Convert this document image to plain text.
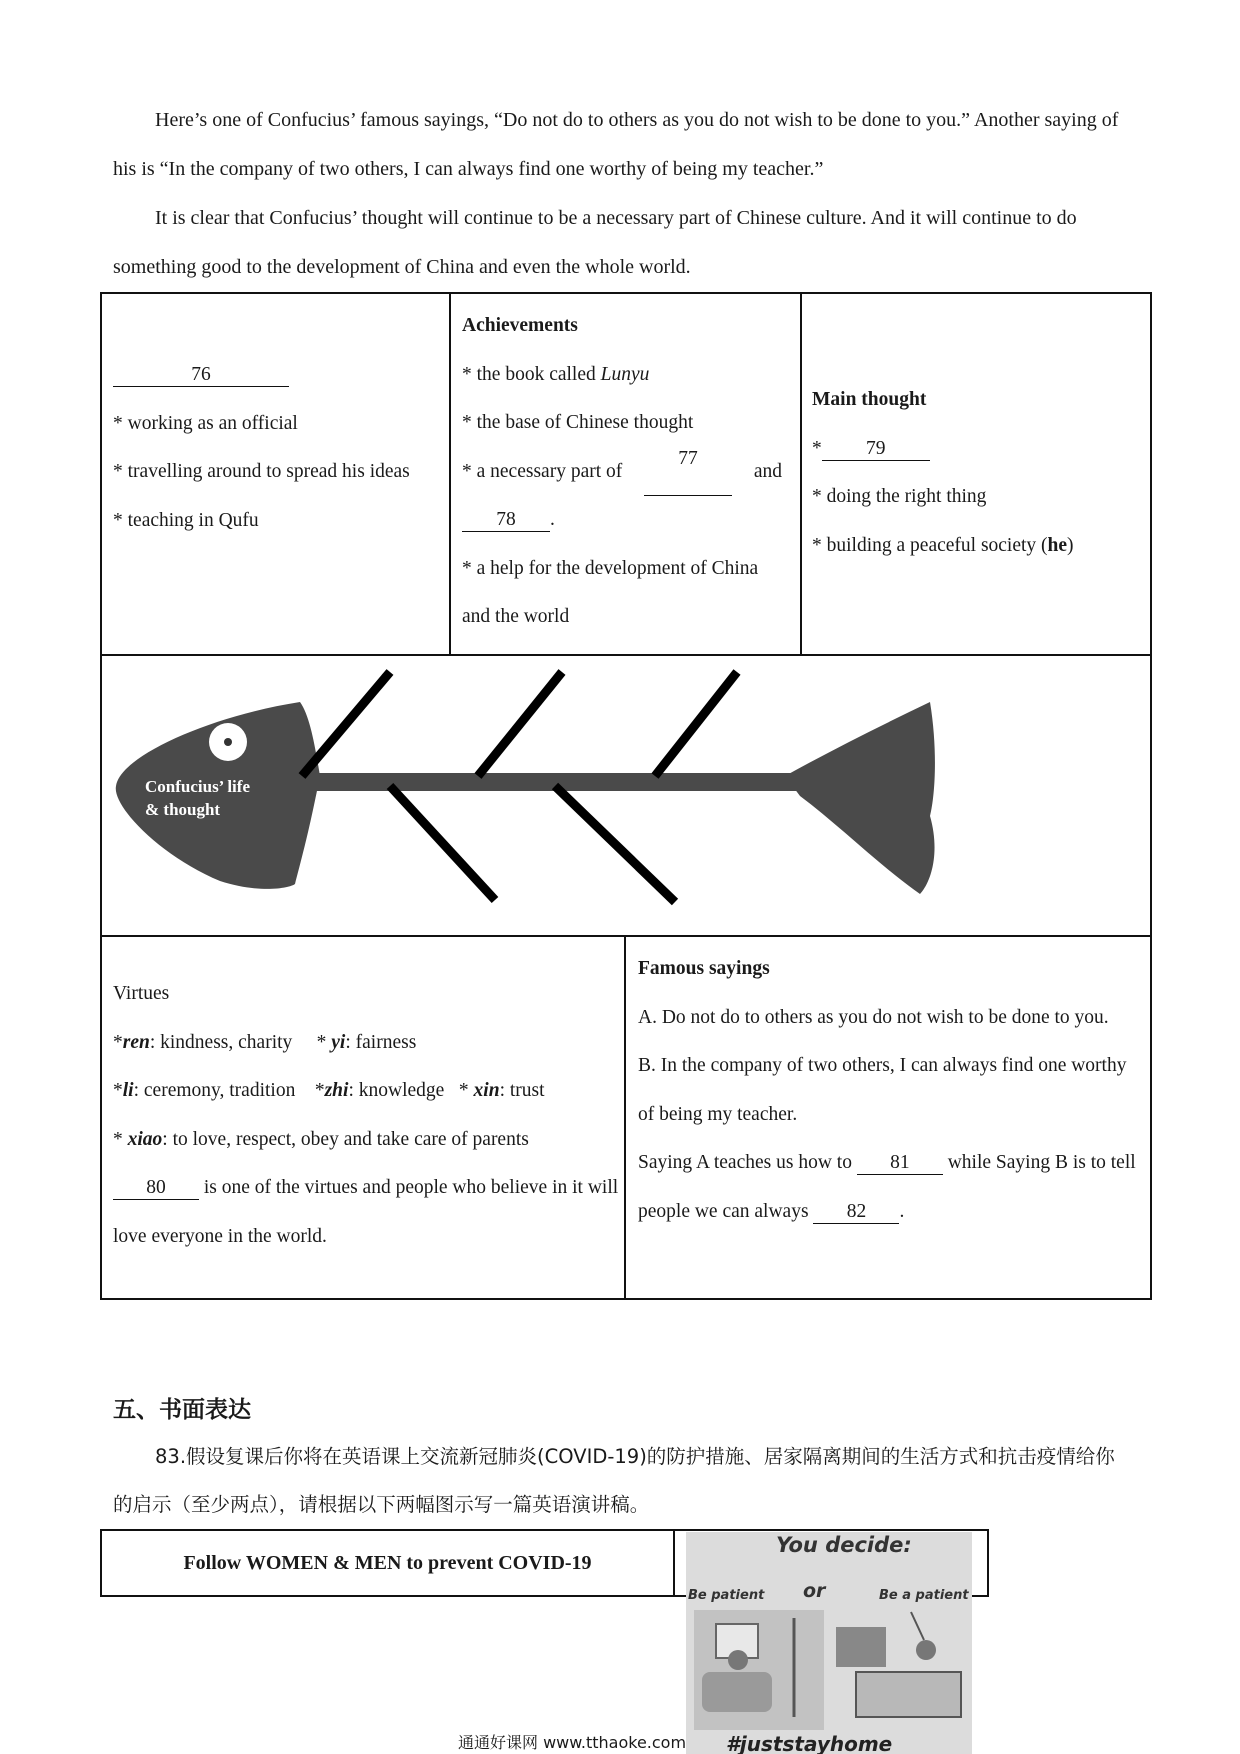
Here’s one of Confucius’ famous sayings, “Do not do to others as you do not wish to be done to you.” Another saying of his is “In the company of two others, I can always find one worthy of being my teacher.”
It is clear that Confucius’ thought will continue to be a necessary part of Chinese culture. And it will continue to do something good to the development of China and even the whole world.
76
* working as an official
* travelling around to spread his ideas
* teaching in Qufu
Achievements
* the book called Lunyu
* the base of Chinese thought
* a necessary part of
77
and
78 .
* a help for the development of China and the world
Main thought
* 79
* doing the right thing
* building a peaceful society (he)
Confucius’ life
& thought
Virtues
*ren: kindness, charity     * yi: fairness
*li: ceremony, tradition    *zhi: knowledge   * xin: trust
* xiao: to love, respect, obey and take care of parents
80 is one of the virtues and people who believe in it will love everyone in the world.
Famous sayings
A. Do not do to others as you do not wish to be done to you.
B. In the company of two others, I can always find one worthy of being my teacher.
Saying A teaches us how to 81 while Saying B is to tell people we can always 82 .
五、书面表达
83.假设复课后你将在英语课上交流新冠肺炎(COVID-19)的防护措施、居家隔离期间的生活方式和抗击疫情给你的启示（至少两点），请根据以下两幅图示写一篇英语演讲稿。
Follow WOMEN & MEN to prevent COVID-19
You decide:
Be patient or	Be a patient
#juststayhome
通通好课网 www.tthaoke.com
